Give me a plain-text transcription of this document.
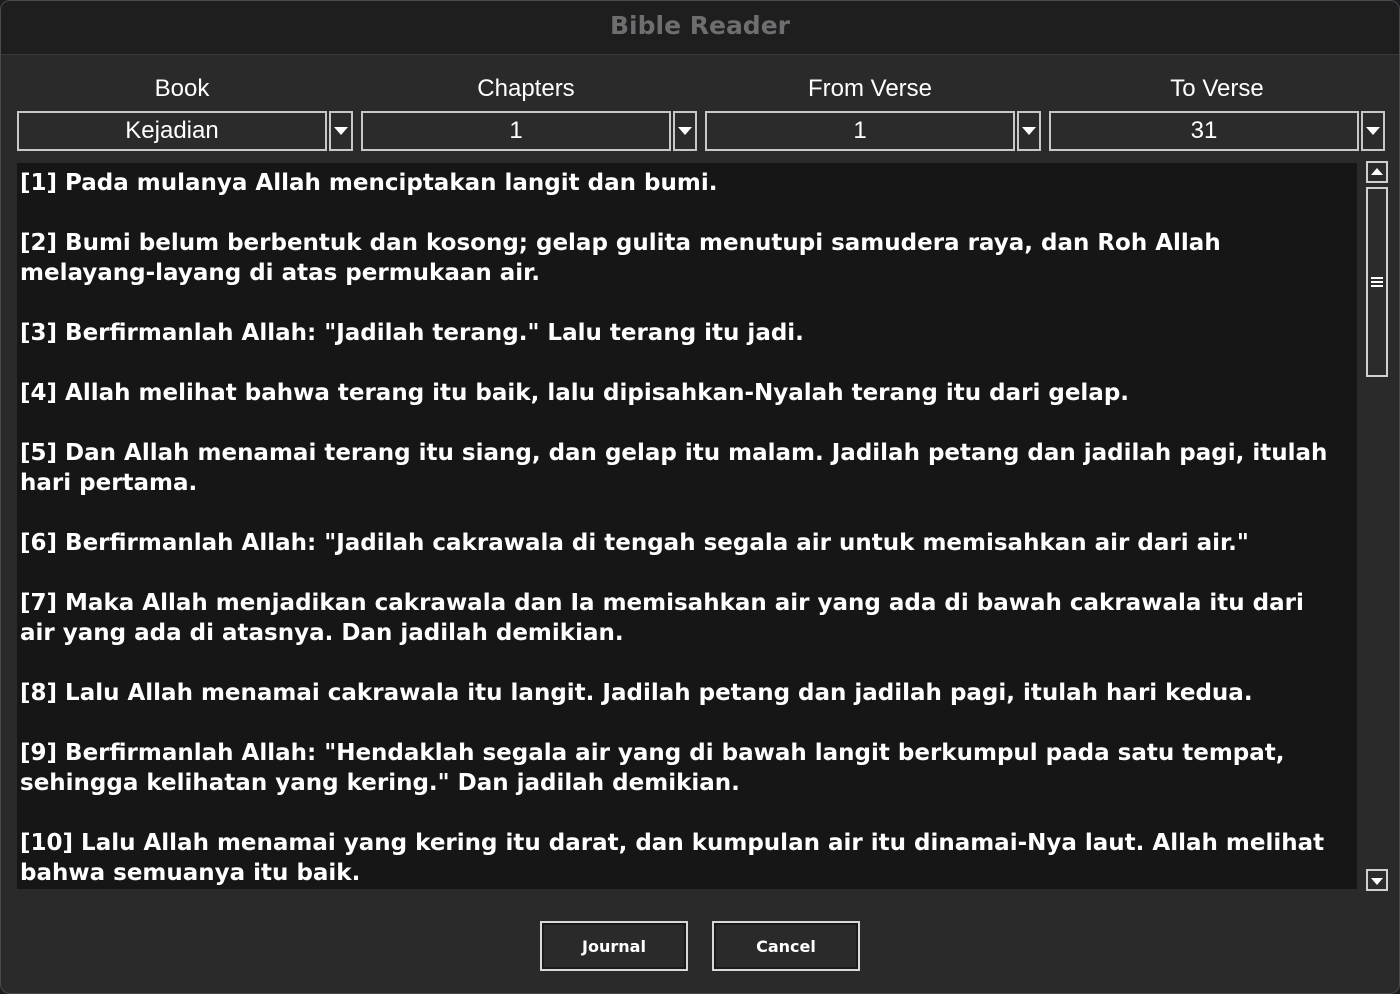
Bible Reader
Book	Chapters	From Verse	To Verse
Kejadian	1	1	31

[1] Pada mulanya Allah menciptakan langit dan bumi.

[2] Bumi belum berbentuk dan kosong; gelap gulita menutupi samudera raya, dan Roh Allah melayang-layang di atas permukaan air.

[3] Berfirmanlah Allah: "Jadilah terang." Lalu terang itu jadi.

[4] Allah melihat bahwa terang itu baik, lalu dipisahkan-Nyalah terang itu dari gelap.

[5] Dan Allah menamai terang itu siang, dan gelap itu malam. Jadilah petang dan jadilah pagi, itulah hari pertama.

[6] Berfirmanlah Allah: "Jadilah cakrawala di tengah segala air untuk memisahkan air dari air."

[7] Maka Allah menjadikan cakrawala dan Ia memisahkan air yang ada di bawah cakrawala itu dari air yang ada di atasnya. Dan jadilah demikian.

[8] Lalu Allah menamai cakrawala itu langit. Jadilah petang dan jadilah pagi, itulah hari kedua.

[9] Berfirmanlah Allah: "Hendaklah segala air yang di bawah langit berkumpul pada satu tempat, sehingga kelihatan yang kering." Dan jadilah demikian.

[10] Lalu Allah menamai yang kering itu darat, dan kumpulan air itu dinamai-Nya laut. Allah melihat bahwa semuanya itu baik.

Journal	Cancel
